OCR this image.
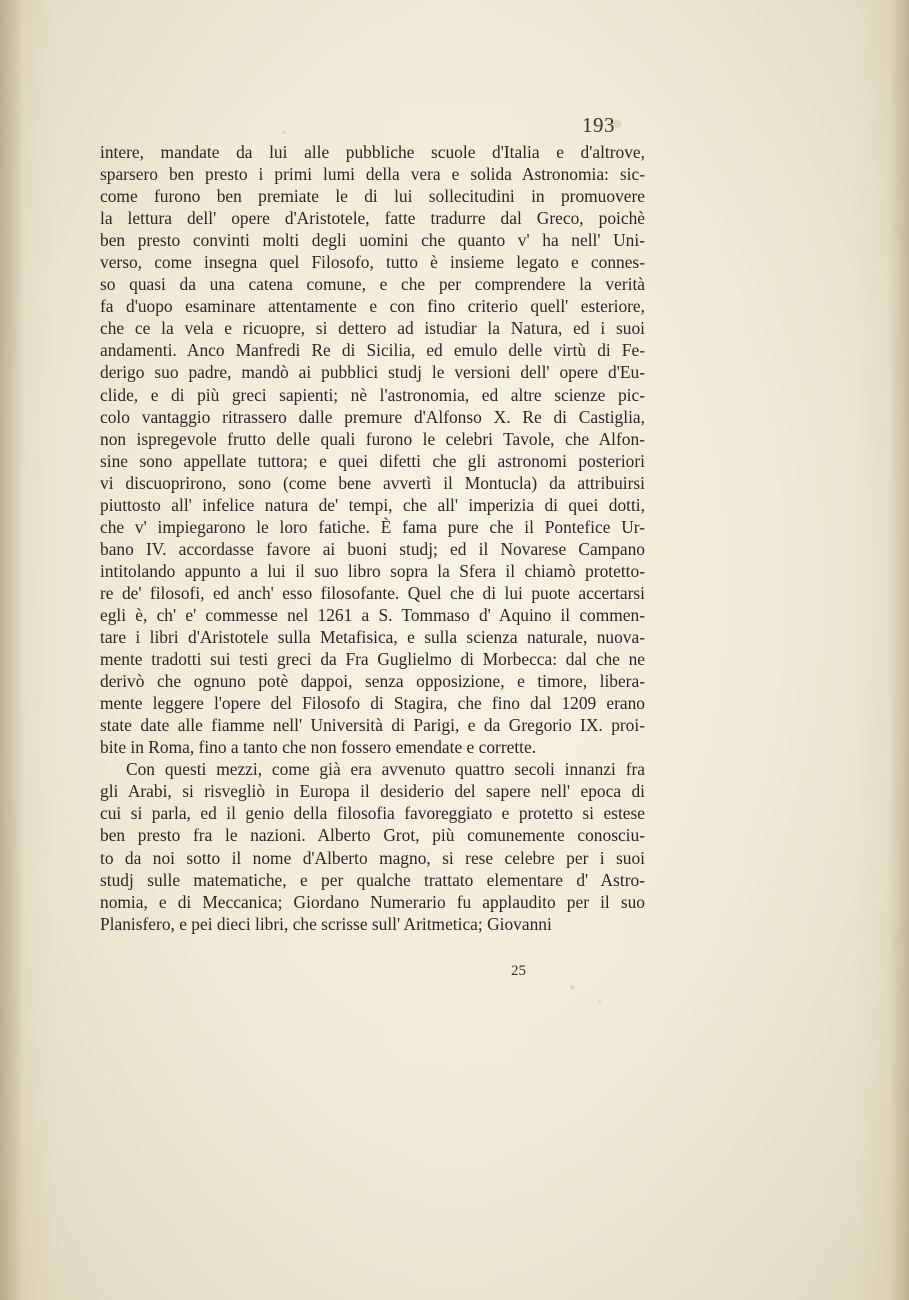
193
intere, mandate da lui alle pubbliche scuole d'Italia e d'altrove,
sparsero ben presto i primi lumi della vera e solida Astronomia: sic-
come furono ben premiate le di lui sollecitudini in promuovere
la lettura dell' opere d'Aristotele, fatte tradurre dal Greco, poichè
ben presto convinti molti degli uomini che quanto v' ha nell' Uni-
verso, come insegna quel Filosofo, tutto è insieme legato e connes-
so quasi da una catena comune, e che per comprendere la verità
fa d'uopo esaminare attentamente e con fino criterio quell' esteriore,
che ce la vela e ricuopre, si dettero ad istudiar la Natura, ed i suoi
andamenti. Anco Manfredi Re di Sicilia, ed emulo delle virtù di Fe-
derigo suo padre, mandò ai pubblici studj le versioni dell' opere d'Eu-
clide, e di più greci sapienti; nè l'astronomia, ed altre scienze pic-
colo vantaggio ritrassero dalle premure d'Alfonso X. Re di Castiglia,
non ispregevole frutto delle quali furono le celebri Tavole, che Alfon-
sine sono appellate tuttora; e quei difetti che gli astronomi posteriori
vi discuoprirono, sono (come bene avvertì il Montucla) da attribuirsi
piuttosto all' infelice natura de' tempi, che all' imperizia di quei dotti,
che v' impiegarono le loro fatiche. È fama pure che il Pontefice Ur-
bano IV. accordasse favore ai buoni studj; ed il Novarese Campano
intitolando appunto a lui il suo libro sopra la Sfera il chiamò protetto-
re de' filosofi, ed anch' esso filosofante. Quel che di lui puote accertarsi
egli è, ch' e' commesse nel 1261 a S. Tommaso d' Aquino il commen-
tare i libri d'Aristotele sulla Metafisica, e sulla scienza naturale, nuova-
mente tradotti sui testi greci da Fra Guglielmo di Morbecca: dal che ne
derivò che ognuno potè dappoi, senza opposizione, e timore, libera-
mente leggere l'opere del Filosofo di Stagira, che fino dal 1209 erano
state date alle fiamme nell' Università di Parigi, e da Gregorio IX. proi-
bite in Roma, fino a tanto che non fossero emendate e corrette.
Con questi mezzi, come già era avvenuto quattro secoli innanzi fra
gli Arabi, si risvegliò in Europa il desiderio del sapere nell' epoca di
cui si parla, ed il genio della filosofia favoreggiato e protetto si estese
ben presto fra le nazioni. Alberto Grot, più comunemente conosciu-
to da noi sotto il nome d'Alberto magno, si rese celebre per i suoi
studj sulle matematiche, e per qualche trattato elementare d' Astro-
nomia, e di Meccanica; Giordano Numerario fu applaudito per il suo
Planisfero, e pei dieci libri, che scrisse sull' Aritmetica; Giovanni
25
